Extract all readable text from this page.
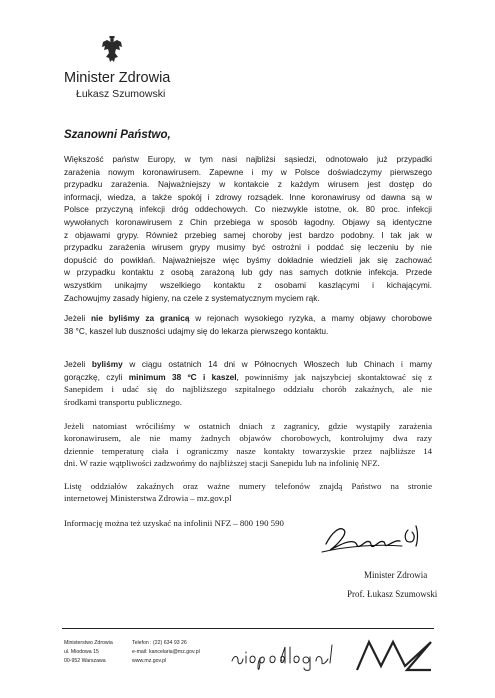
Minister Zdrowia
Łukasz Szumowski
Szanowni Państwo,
Większość państw Europy, w tym nasi najbliżsi sąsiedzi, odnotowało już przypadki
zarażenia nowym koronawirusem. Zapewne i my w Polsce doświadczymy pierwszego
przypadku zarażenia. Najważniejszy w kontakcie z każdym wirusem jest dostęp do
informacji, wiedza, a także spokój i zdrowy rozsądek. Inne koronawirusy od dawna są w
Polsce przyczyną infekcji dróg oddechowych. Co niezwykle istotne, ok. 80 proc. infekcji
wywołanych koronawirusem z Chin przebiega w sposób łagodny. Objawy są identyczne
z objawami grypy. Również przebieg samej choroby jest bardzo podobny. I tak jak w
przypadku zarażenia wirusem grypy musimy być ostrożni i poddać się leczeniu by nie
dopuścić do powikłań. Najważniejsze więc byśmy dokładnie wiedzieli jak się zachować
w przypadku kontaktu z osobą zarażoną lub gdy nas samych dotknie infekcja. Przede
wszystkim unikajmy wszelkiego kontaktu z osobami kaszlącymi i kichającymi.
Zachowujmy zasady higieny, na czele z systematycznym myciem rąk.
Jeżeli nie byliśmy za granicą w rejonach wysokiego ryzyka, a mamy objawy chorobowe
38 °C, kaszel lub duszności udajmy się do lekarza pierwszego kontaktu.
Jeżeli byliśmy w ciągu ostatnich 14 dni w Północnych Włoszech lub Chinach i mamy
gorączkę, czyli minimum 38 ºC i kaszel, powinniśmy jak najszybciej skontaktować się z
Sanepidem i udać się do najbliższego szpitalnego oddziału chorób zakaźnych, ale nie
środkami transportu publicznego.
Jeżeli natomiast wróciliśmy w ostatnich dniach z zagranicy, gdzie wystąpiły zarażenia
koronawirusem, ale nie mamy żadnych objawów chorobowych, kontrolujmy dwa razy
dziennie temperaturę ciała i ograniczmy nasze kontakty towarzyskie przez najbliższe 14
dni. W razie wątpliwości zadzwońmy do najbliższej stacji Sanepidu lub na infolinię NFZ.
Listę oddziałów zakaźnych oraz ważne numery telefonów znajdą Państwo na stronie
internetowej Ministerstwa Zdrowia – mz.gov.pl
Informację można też uzyskać na infolinii NFZ – 800 190 590
Minister Zdrowia
Prof. Łukasz Szumowski
Ministerstwo Zdrowia
ul. Miodowa 15
00-952 Warszawa
Telefon : (22) 634 93 26
e-mail: kancelaria@mz.gov.pl
www.mz.gov.pl
